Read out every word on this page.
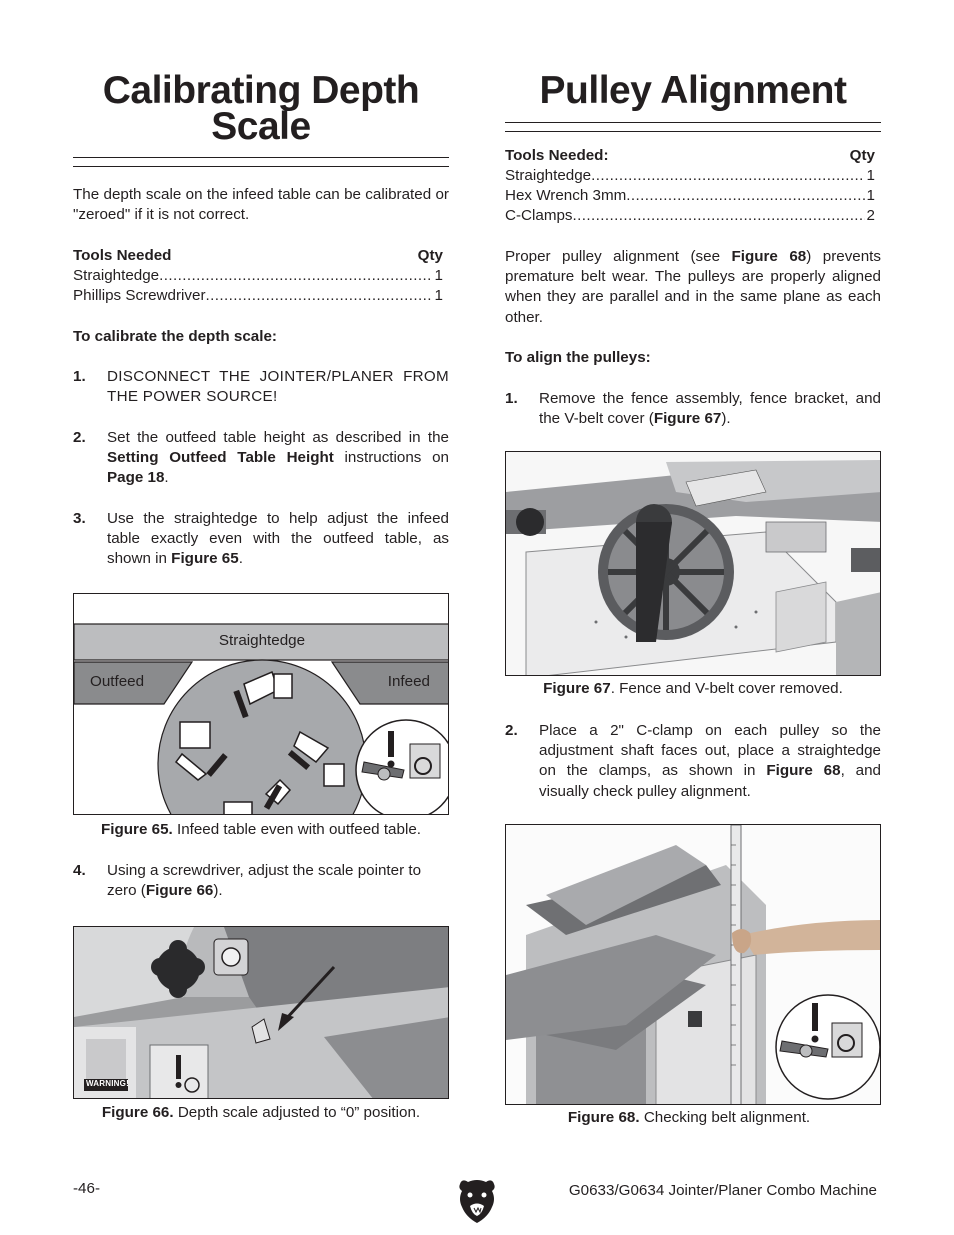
Calibrating Depth
Scale

The depth scale on the infeed table can be calibrated or "zeroed" if it is not correct.

Tools Needed	Qty
Straightedge .....	1
Phillips Screwdriver .....	1
To calibrate the depth scale:
1. DISCONNECT THE JOINTER/PLANER FROM THE POWER SOURCE!
2. Set the outfeed table height as described in the Setting Outfeed Table Height instructions on Page 18.
3. Use the straightedge to help adjust the infeed table exactly even with the outfeed table, as shown in Figure 65.
Straightedge
Outfeed	Infeed
Figure 65. Infeed table even with outfeed table.
4. Using a screwdriver, adjust the scale pointer to zero (Figure 66).
WARNING!
Figure 66. Depth scale adjusted to “0” position.
Pulley Alignment
Tools Needed:	Qty
Straightedge .....	1
Hex Wrench 3mm .....	1
C-Clamps .....	2

Proper pulley alignment (see Figure 68) prevents premature belt wear. The pulleys are properly aligned when they are parallel and in the same plane as each other.

To align the pulleys:
1. Remove the fence assembly, fence bracket, and the V-belt cover (Figure 67).
Figure 67. Fence and V-belt cover removed.
2. Place a 2" C-clamp on each pulley so the adjustment shaft faces out, place a straightedge on the clamps, as shown in Figure 68, and visually check pulley alignment.
Figure 68. Checking belt alignment.
-46-	G0633/G0634 Jointer/Planer Combo Machine
